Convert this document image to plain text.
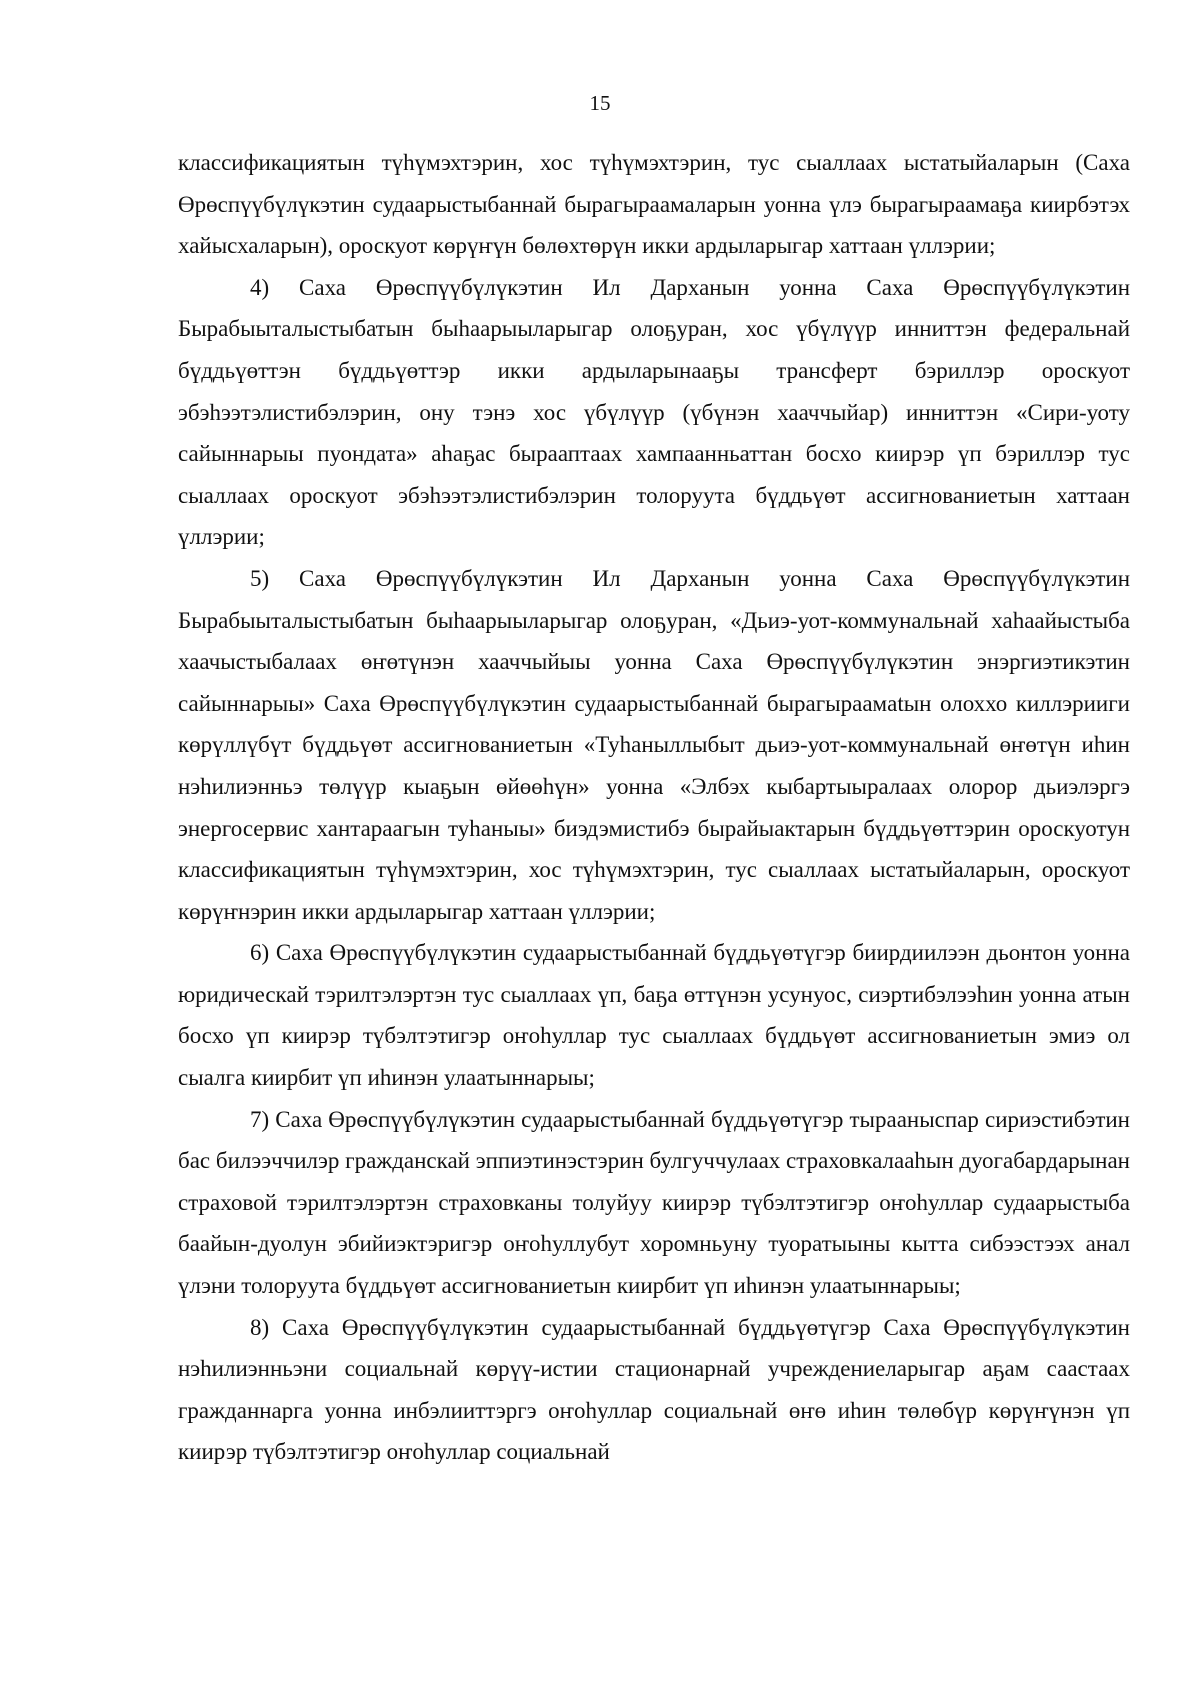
15

классификациятын түһүмэхтэрин, хос түһүмэхтэрин, тус сыаллаах ыстатыйаларын (Саха Өрөспүүбүлүкэтин судаарыстыбаннай бырагыраамаларын уонна үлэ бырагыраамаҕа киирбэтэх хайысхаларын), ороскуот көрүҥүн бөлөхтөрүн икки ардыларыгар хаттаан үллэрии;

4) Саха Өрөспүүбүлүкэтин Ил Дарханын уонна Саха Өрөспүүбүлүкэтин Бырабыыталыстыбатын быһаарыыларыгар олоҕуран, хос үбүлүүр инниттэн федеральнай бүддьүөттэн бүддьүөттэр икки ардыларынааҕы трансферт бэриллэр ороскуот эбэһээтэлистибэлэрин, ону тэнэ хос үбүлүүр (үбүнэн хааччыйар) инниттэн «Сири-уоту сайыннарыы пуондата» аһаҕас бырааптаах хампаанньаттан босхо киирэр үп бэриллэр тус сыаллаах ороскуот эбэһээтэлистибэлэрин толоруута бүддьүөт ассигнованиетын хаттаан үллэрии;

5) Саха Өрөспүүбүлүкэтин Ил Дарханын уонна Саха Өрөспүүбүлүкэтин Бырабыыталыстыбатын быһаарыыларыгар олоҕуран, «Дьиэ-уот-коммунальнай хаһаайыстыба хаачыстыбалаах өҥөтүнэн хааччыйыы уонна Саха Өрөспүүбүлүкэтин энэргиэтикэтин сайыннарыы» Саха Өрөспүүбүлүкэтин судаарыстыбаннай бырагыраамatын олоххо киллэрииги көрүллүбүт бүддьүөт ассигнованиетын «Туһаныллыбыт дьиэ-уот-коммунальнай өҥөтүн иһин нэһилиэнньэ төлүүр кыаҕын өйөөһүн» уонна «Элбэх кыбартыыралаах олорор дьиэлэргэ энергосервис хантараагын туһаныы» биэдэмистибэ бырайыактарын бүддьүөттэрин ороскуотун классификациятын түһүмэхтэрин, хос түһүмэхтэрин, тус сыаллаах ыстатыйаларын, ороскуот көрүҥнэрин икки ардыларыгар хаттаан үллэрии;

6) Саха Өрөспүүбүлүкэтин судаарыстыбаннай бүддьүөтүгэр биирдиилээн дьонтон уонна юридическай тэрилтэлэртэн тус сыаллаах үп, баҕа өттүнэн усунуос, сиэртибэлээһин уонна атын босхо үп киирэр түбэлтэтигэр оҥоһуллар тус сыаллаах бүддьүөт ассигнованиетын эмиэ ол сыалга киирбит үп иһинэн улаатыннарыы;

7) Саха Өрөспүүбүлүкэтин судаарыстыбаннай бүддьүөтүгэр тырааныспар сириэстибэтин бас билээччилэр гражданскай эппиэтинэстэрин булгуччулаах страховкалааһын дуогабардарынан страховой тэрилтэлэртэн страховканы толуйуу киирэр түбэлтэтигэр оҥоһуллар судаарыстыба баайын-дуолун эбийиэктэригэр оҥоһуллубут хоромньуну туоратыыны кытта сибээстээх анал үлэни толоруута бүддьүөт ассигнованиетын киирбит үп иһинэн улаатыннарыы;

8) Саха Өрөспүүбүлүкэтин судаарыстыбаннай бүддьүөтүгэр Саха Өрөспүүбүлүкэтин нэһилиэнньэни социальнай көрүү-истии стационарнай учреждениеларыгар аҕам саастаах гражданнарга уонна инбэлииттэргэ оҥоһуллар социальнай өҥө иһин төлөбүр көрүҥүнэн үп киирэр түбэлтэтигэр оҥоһуллар социальнай
